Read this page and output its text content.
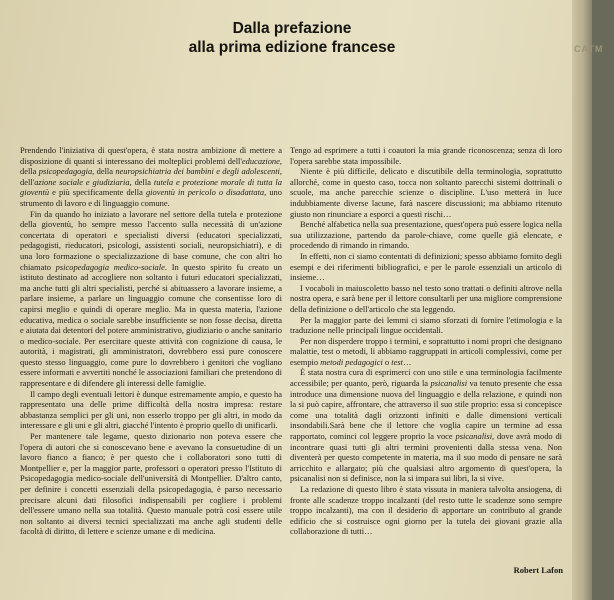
Dalla prefazione
alla prima edizione francese

Prendendo l'iniziativa di quest'opera, è stata nostra ambizione di mettere a disposizione di quanti si interessano dei molteplici problemi dell'educazione, della psicopedagogia, della neuropsichiatria dei bambini e degli adolescenti, dell'azione sociale e giudiziaria, della tutela e protezione morale di tutta la gioventù e più specificamente della gioventù in pericolo o disadattata, uno strumento di lavoro e di linguaggio comune.

Fin da quando ho iniziato a lavorare nel settore della tutela e protezione della gioventù, ho sempre messo l'accento sulla necessità di un'azione concertata di operatori e specialisti diversi (educatori specializzati, pedagogisti, rieducatori, psicologi, assistenti sociali, neuropsichiatri), e di una loro formazione o specializzazione di base comune, che con altri ho chiamato psicopedagogia medico-sociale. In questo spirito fu creato un istituto destinato ad accogliere non soltanto i futuri educatori specializzati, ma anche tutti gli altri specialisti, perché si abituassero a lavorare insieme, a parlare insieme, a parlare un linguaggio comune che consentisse loro di capirsi meglio e quindi di operare meglio. Ma in questa materia, l'azione educativa, medica o sociale sarebbe insufficiente se non fosse decisa, diretta e aiutata dai detentori del potere amministrativo, giudiziario o anche sanitario o medico-sociale. Per esercitare queste attività con cognizione di causa, le autorità, i magistrati, gli amministratori, dovrebbero essi pure conoscere questo stesso linguaggio, come pure lo dovrebbero i genitori che vogliano essere informati e avvertiti nonché le associazioni familiari che pretendono di rappresentare e di difendere gli interessi delle famiglie.

Il campo degli eventuali lettori è dunque estremamente ampio, e questo ha rappresentato una delle prime difficoltà della nostra impresa: restare abbastanza semplici per gli uni, non esserlo troppo per gli altri, in modo da interessare e gli uni e gli altri, giacché l'intento è proprio quello di unificarli.

Per mantenere tale legame, questo dizionario non poteva essere che l'opera di autori che si conoscevano bene e avevano la consuetudine di un lavoro fianco a fianco; è per questo che i collaboratori sono tutti di Montpellier e, per la maggior parte, professori o operatori presso l'Istituto di Psicopedagogia medico-sociale dell'università di Montpellier. D'altro canto, per definire i concetti essenziali della psicopedagogia, è parso necessario precisare alcuni dati filosofici indispensabili per cogliere i problemi dell'essere umano nella sua totalità. Questo manuale potrà così essere utile non soltanto ai diversi tecnici specializzati ma anche agli studenti delle facoltà di diritto, di lettere e scienze umane e di medicina.

Tengo ad esprimere a tutti i coautori la mia grande riconoscenza; senza di loro l'opera sarebbe stata impossibile.

Niente è più difficile, delicato e discutibile della terminologia, soprattutto allorché, come in questo caso, tocca non soltanto parecchi sistemi dottrinali o scuole, ma anche parecchie scienze o discipline. L'uso metterà in luce indubbiamente diverse lacune, farà nascere discussioni; ma abbiamo ritenuto giusto non rinunciare a esporci a questi rischi…

Benché alfabetica nella sua presentazione, quest'opera può essere logica nella sua utilizzazione, partendo da parole-chiave, come quelle già elencate, e procedendo di rimando in rimando.

In effetti, non ci siamo contentati di definizioni; spesso abbiamo fornito degli esempi e dei riferimenti bibliografici, e per le parole essenziali un articolo di insieme…

I vocaboli in maiuscoletto basso nel testo sono trattati o definiti altrove nella nostra opera, e sarà bene per il lettore consultarli per una migliore comprensione della definizione o dell'articolo che sta leggendo.

Per la maggior parte dei lemmi ci siamo sforzati di fornire l'etimologia e la traduzione nelle principali lingue occidentali.

Per non disperdere troppo i termini, e soprattutto i nomi propri che designano malattie, test o metodi, li abbiamo raggruppati in articoli complessivi, come per esempio metodi pedagogici o test…

È stata nostra cura di esprimerci con uno stile e una terminologia facilmente accessibile; per quanto, però, riguarda la psicanalisi va tenuto presente che essa introduce una dimensione nuova del linguaggio e della relazione, e quindi non la si può capire, affrontare, che attraverso il suo stile proprio: essa si concepisce come una totalità dagli orizzonti infiniti e dalle dimensioni verticali insondabili.Sarà bene che il lettore che voglia capire un termine ad essa rapportato, cominci col leggere proprio la voce psicanalisi, dove avrà modo di incontrare quasi tutti gli altri termini provenienti dalla stessa vena. Non diventerà per questo competente in materia, ma il suo modo di pensare ne sarà arricchito e allargato; più che qualsiasi altro argomento di quest'opera, la psicanalisi non si definisce, non la si impara sui libri, la si vive.

La redazione di questo libro è stata vissuta in maniera talvolta ansiogena, di fronte alle scadenze troppo incalzanti (del resto tutte le scadenze sono sempre troppo incalzanti), ma con il desiderio di apportare un contributo al grande edificio che si costruisce ogni giorno per la tutela dei giovani grazie alla collaborazione di tutti…

Robert Lafon
CATM
